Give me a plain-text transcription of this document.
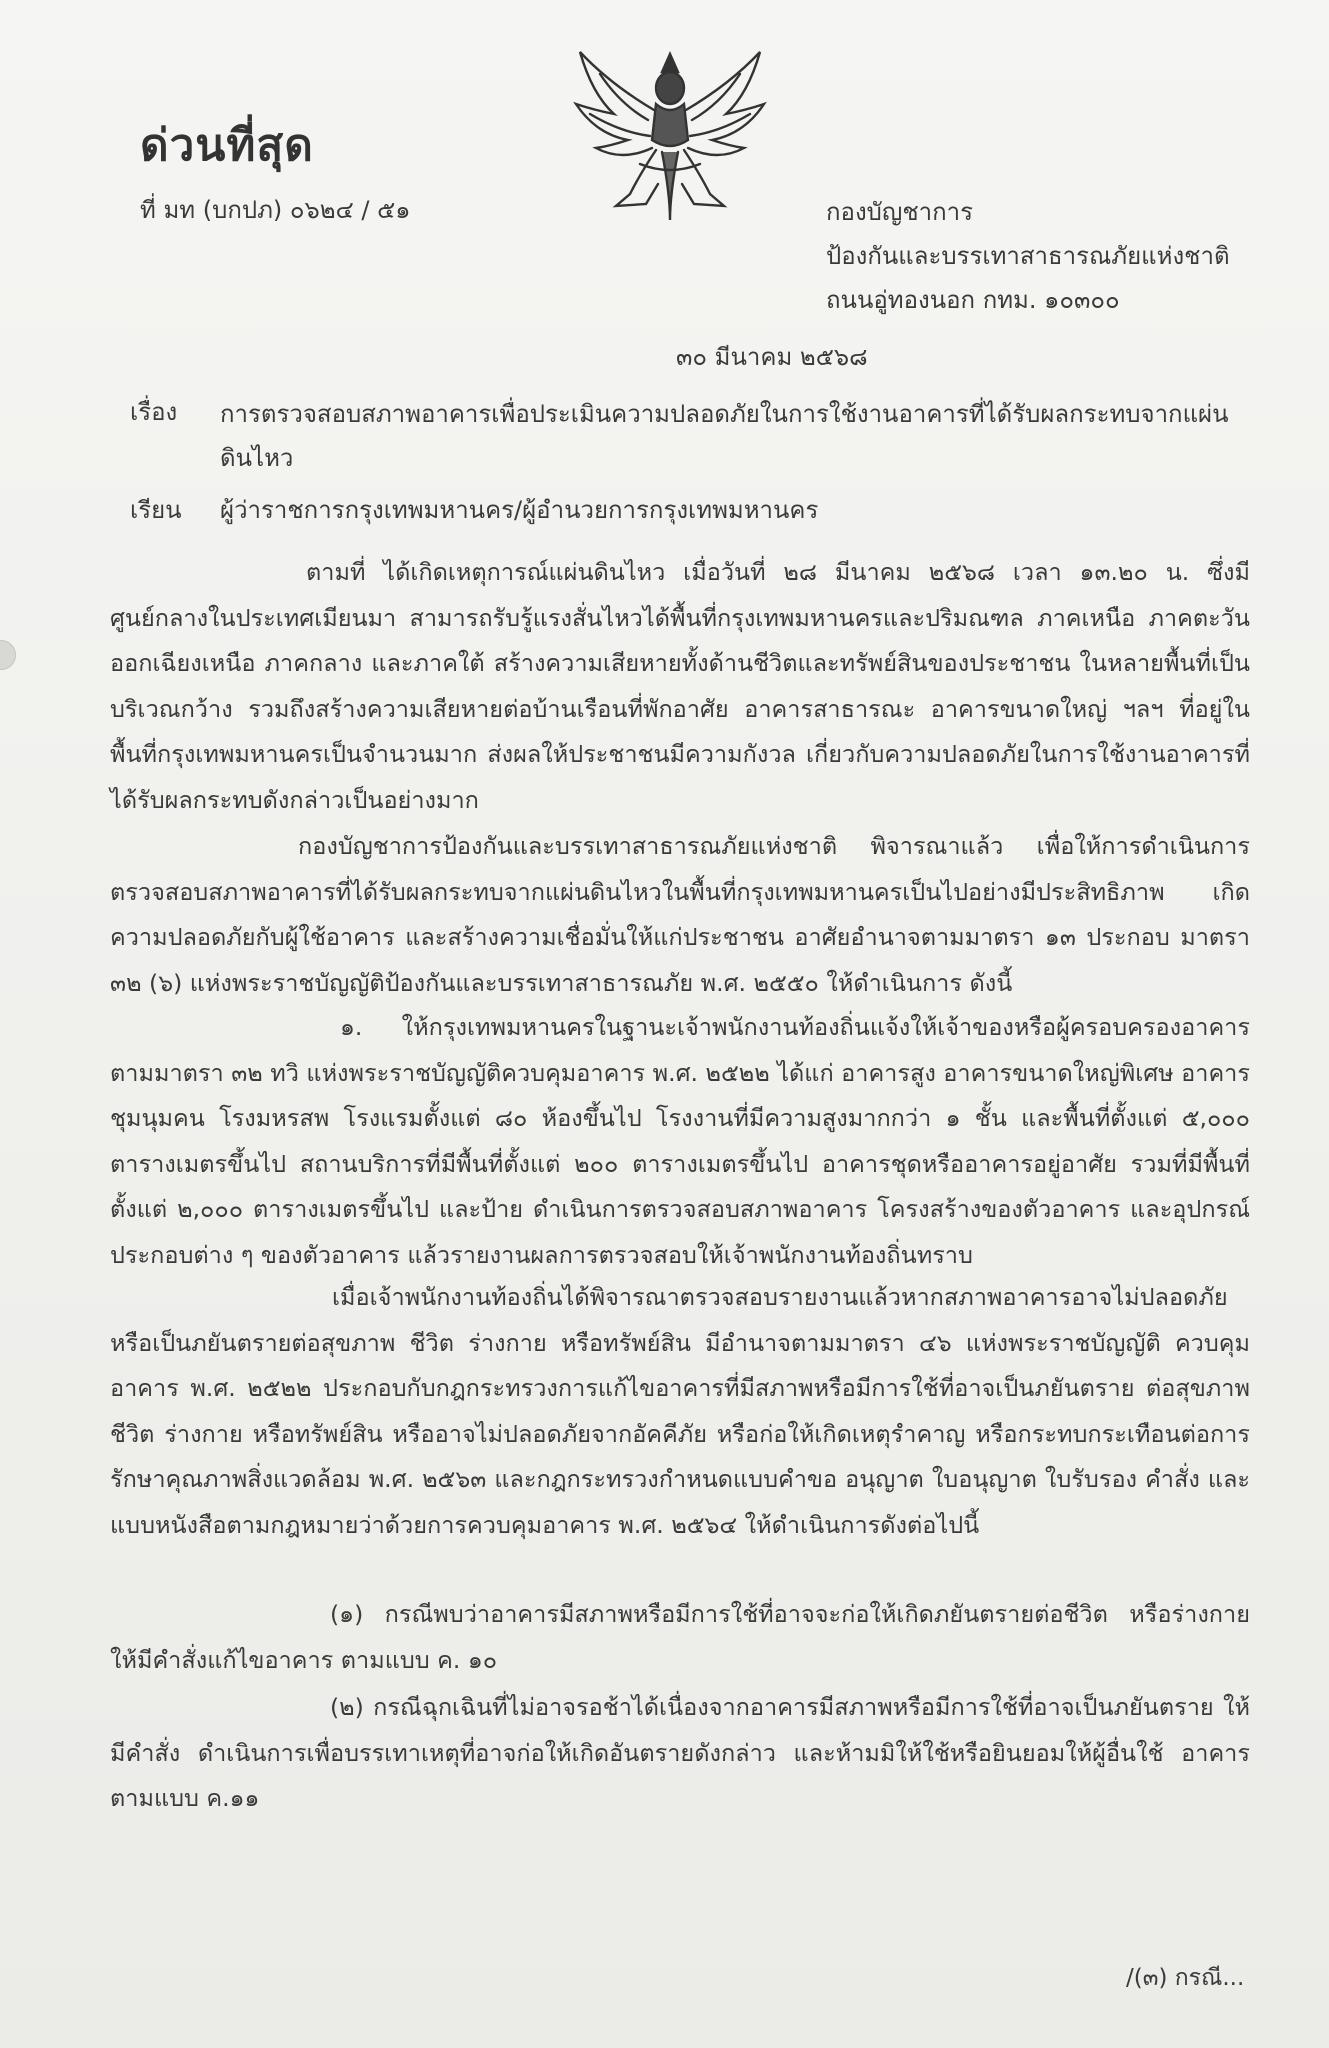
ด่วนที่สุด
ที่ มท (บกปภ) ๐๖๒๔ / ๕๑	กองบัญชาการ
ป้องกันและบรรเทาสาธารณภัยแห่งชาติ
ถนนอู่ทองนอก กทม. ๑๐๓๐๐
๓๐ มีนาคม ๒๕๖๘
เรื่อง การตรวจสอบสภาพอาคารเพื่อประเมินความปลอดภัยในการใช้งานอาคารที่ได้รับผลกระทบจากแผ่นดินไหว
เรียน ผู้ว่าราชการกรุงเทพมหานคร/ผู้อำนวยการกรุงเทพมหานคร
ตามที่ ได้เกิดเหตุการณ์แผ่นดินไหว เมื่อวันที่ ๒๘ มีนาคม ๒๕๖๘ เวลา ๑๓.๒๐ น. ซึ่งมีศูนย์กลางในประเทศเมียนมา สามารถรับรู้แรงสั่นไหวได้พื้นที่กรุงเทพมหานครและปริมณฑล ภาคเหนือ ภาคตะวันออกเฉียงเหนือ ภาคกลาง และภาคใต้ สร้างความเสียหายทั้งด้านชีวิตและทรัพย์สินของประชาชน ในหลายพื้นที่เป็นบริเวณกว้าง รวมถึงสร้างความเสียหายต่อบ้านเรือนที่พักอาศัย อาคารสาธารณะ อาคารขนาดใหญ่ ฯลฯ ที่อยู่ในพื้นที่กรุงเทพมหานครเป็นจำนวนมาก ส่งผลให้ประชาชนมีความกังวล เกี่ยวกับความปลอดภัยในการใช้งานอาคารที่ได้รับผลกระทบดังกล่าวเป็นอย่างมาก
กองบัญชาการป้องกันและบรรเทาสาธารณภัยแห่งชาติ พิจารณาแล้ว เพื่อให้การดำเนินการ ตรวจสอบสภาพอาคารที่ได้รับผลกระทบจากแผ่นดินไหวในพื้นที่กรุงเทพมหานครเป็นไปอย่างมีประสิทธิภาพ เกิดความปลอดภัยกับผู้ใช้อาคาร และสร้างความเชื่อมั่นให้แก่ประชาชน อาศัยอำนาจตามมาตรา ๑๓ ประกอบ มาตรา ๓๒ (๖) แห่งพระราชบัญญัติป้องกันและบรรเทาสาธารณภัย พ.ศ. ๒๕๕๐ ให้ดำเนินการ ดังนี้
๑. ให้กรุงเทพมหานครในฐานะเจ้าพนักงานท้องถิ่นแจ้งให้เจ้าของหรือผู้ครอบครองอาคาร ตามมาตรา ๓๒ ทวิ แห่งพระราชบัญญัติควบคุมอาคาร พ.ศ. ๒๕๒๒ ได้แก่ อาคารสูง อาคารขนาดใหญ่พิเศษ อาคารชุมนุมคน โรงมหรสพ โรงแรมตั้งแต่ ๘๐ ห้องขึ้นไป โรงงานที่มีความสูงมากกว่า ๑ ชั้น และพื้นที่ตั้งแต่ ๕,๐๐๐ ตารางเมตรขึ้นไป สถานบริการที่มีพื้นที่ตั้งแต่ ๒๐๐ ตารางเมตรขึ้นไป อาคารชุดหรืออาคารอยู่อาศัย รวมที่มีพื้นที่ตั้งแต่ ๒,๐๐๐ ตารางเมตรขึ้นไป และป้าย ดำเนินการตรวจสอบสภาพอาคาร โครงสร้างของตัวอาคาร และอุปกรณ์ประกอบต่าง ๆ ของตัวอาคาร แล้วรายงานผลการตรวจสอบให้เจ้าพนักงานท้องถิ่นทราบ
เมื่อเจ้าพนักงานท้องถิ่นได้พิจารณาตรวจสอบรายงานแล้วหากสภาพอาคารอาจไม่ปลอดภัย หรือเป็นภยันตรายต่อสุขภาพ ชีวิต ร่างกาย หรือทรัพย์สิน มีอำนาจตามมาตรา ๔๖ แห่งพระราชบัญญัติ ควบคุมอาคาร พ.ศ. ๒๕๒๒ ประกอบกับกฎกระทรวงการแก้ไขอาคารที่มีสภาพหรือมีการใช้ที่อาจเป็นภยันตราย ต่อสุขภาพ ชีวิต ร่างกาย หรือทรัพย์สิน หรืออาจไม่ปลอดภัยจากอัคคีภัย หรือก่อให้เกิดเหตุรำคาญ หรือกระทบกระเทือนต่อการรักษาคุณภาพสิ่งแวดล้อม พ.ศ. ๒๕๖๓ และกฎกระทรวงกำหนดแบบคำขอ อนุญาต ใบอนุญาต ใบรับรอง คำสั่ง และแบบหนังสือตามกฎหมายว่าด้วยการควบคุมอาคาร พ.ศ. ๒๕๖๔ ให้ดำเนินการดังต่อไปนี้
(๑) กรณีพบว่าอาคารมีสภาพหรือมีการใช้ที่อาจจะก่อให้เกิดภยันตรายต่อชีวิต หรือร่างกาย ให้มีคำสั่งแก้ไขอาคาร ตามแบบ ค. ๑๐
(๒) กรณีฉุกเฉินที่ไม่อาจรอช้าได้เนื่องจากอาคารมีสภาพหรือมีการใช้ที่อาจเป็นภยันตราย ให้มีคำสั่ง ดำเนินการเพื่อบรรเทาเหตุที่อาจก่อให้เกิดอันตรายดังกล่าว และห้ามมิให้ใช้หรือยินยอมให้ผู้อื่นใช้ อาคาร ตามแบบ ค.๑๑
/(๓) กรณี...
